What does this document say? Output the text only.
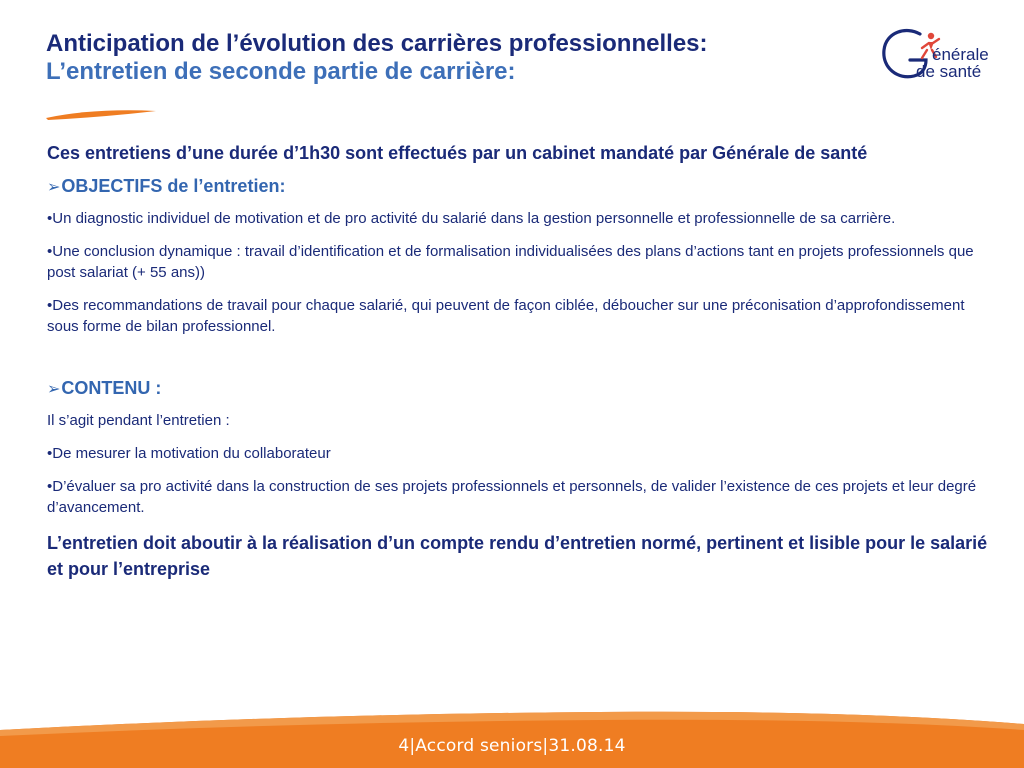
Anticipation de l’évolution des carrières professionnelles:
L’entretien de seconde partie de carrière:
énérale
de santé

Ces entretiens d’une durée d’1h30 sont effectués par un cabinet mandaté par Générale de santé

➢OBJECTIFS de l’entretien:

•Un diagnostic individuel de motivation et de pro activité du salarié dans la gestion personnelle et professionnelle de sa carrière.

•Une conclusion dynamique : travail d’identification et de formalisation individualisées des plans d’actions tant en projets professionnels que post salariat (+ 55 ans))

•Des recommandations de travail pour chaque salarié, qui peuvent de façon ciblée, déboucher sur une préconisation d’approfondissement sous forme de bilan professionnel.

➢CONTENU :

Il s’agit pendant l’entretien :

•De mesurer la motivation du collaborateur

•D’évaluer sa pro activité dans la construction de ses projets professionnels et personnels, de valider l’existence de ces projets et leur degré d’avancement.

L’entretien doit aboutir à la réalisation d’un compte rendu d’entretien normé, pertinent et lisible pour le salarié et pour l’entreprise

4|Accord seniors|31.08.14
